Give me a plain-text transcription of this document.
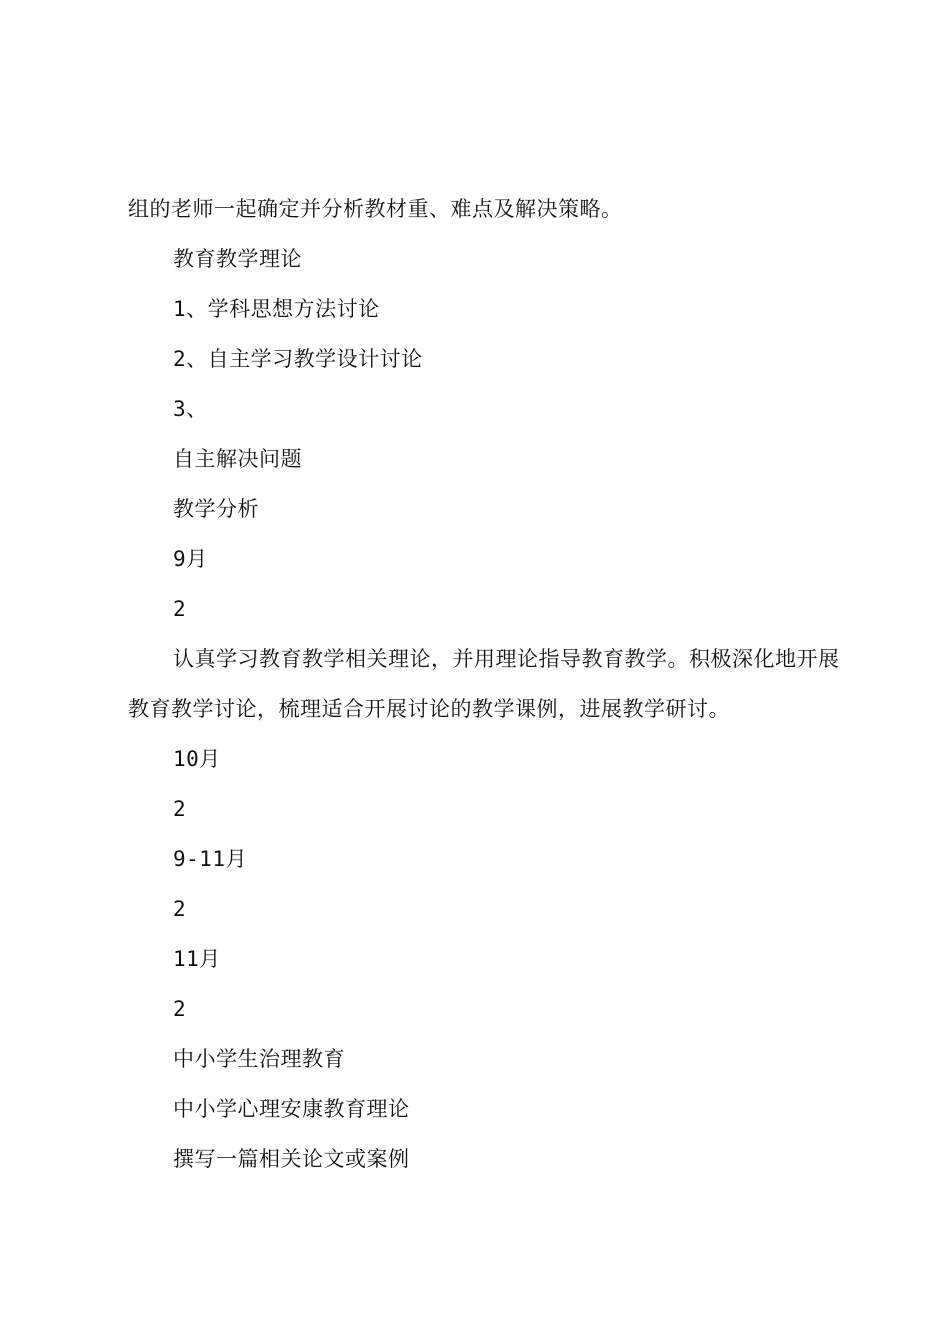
组的老师一起确定并分析教材重、难点及解决策略。
教育教学理论
1、学科思想方法讨论
2、自主学习教学设计讨论
3、
自主解决问题
教学分析
9月
2
认真学习教育教学相关理论，并用理论指导教育教学。积极深化地开展教育教学讨论，梳理适合开展讨论的教学课例，进展教学研讨。
10月
2
9-11月
2
11月
2
中小学生治理教育
中小学心理安康教育理论
撰写一篇相关论文或案例
